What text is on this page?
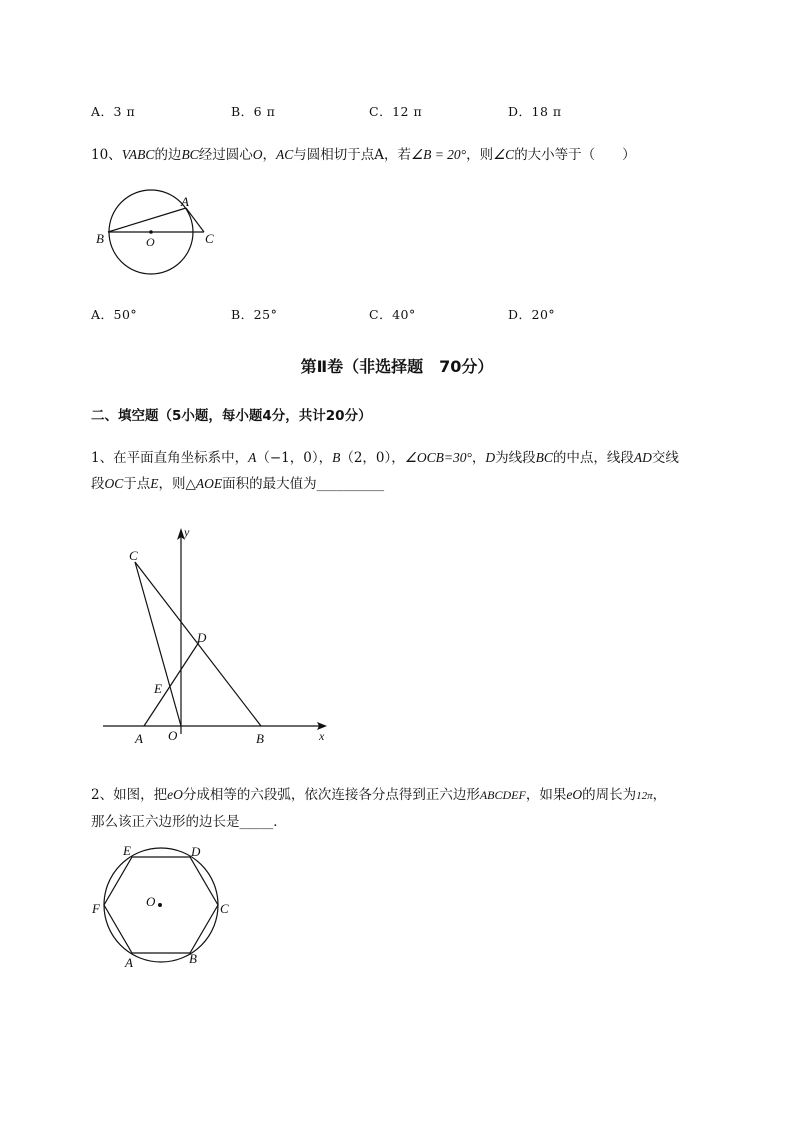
A．3 π	B．6 π	C．12 π	D．18 π
10、VABC的边BC经过圆心O，AC与圆相切于点A，若∠B = 20°，则∠C的大小等于（　　）
A
B	C
O
A．50°	B．25°	C．40°	D．20°
第Ⅱ卷（非选择题　70分）
二、填空题（5小题，每小题4分，共计20分）
1、在平面直角坐标系中，A（−1，0），B（2，0），∠OCB=30°，D为线段BC的中点，线段AD交线
段OC于点E，则△AOE面积的最大值为__________
y
x
C
D
E
A O	B
2、如图，把eO分成相等的六段弧，依次连接各分点得到正六边形ABCDEF，如果eO的周长为12π，
那么该正六边形的边长是_____．
O
E	D
F	C
A	B
